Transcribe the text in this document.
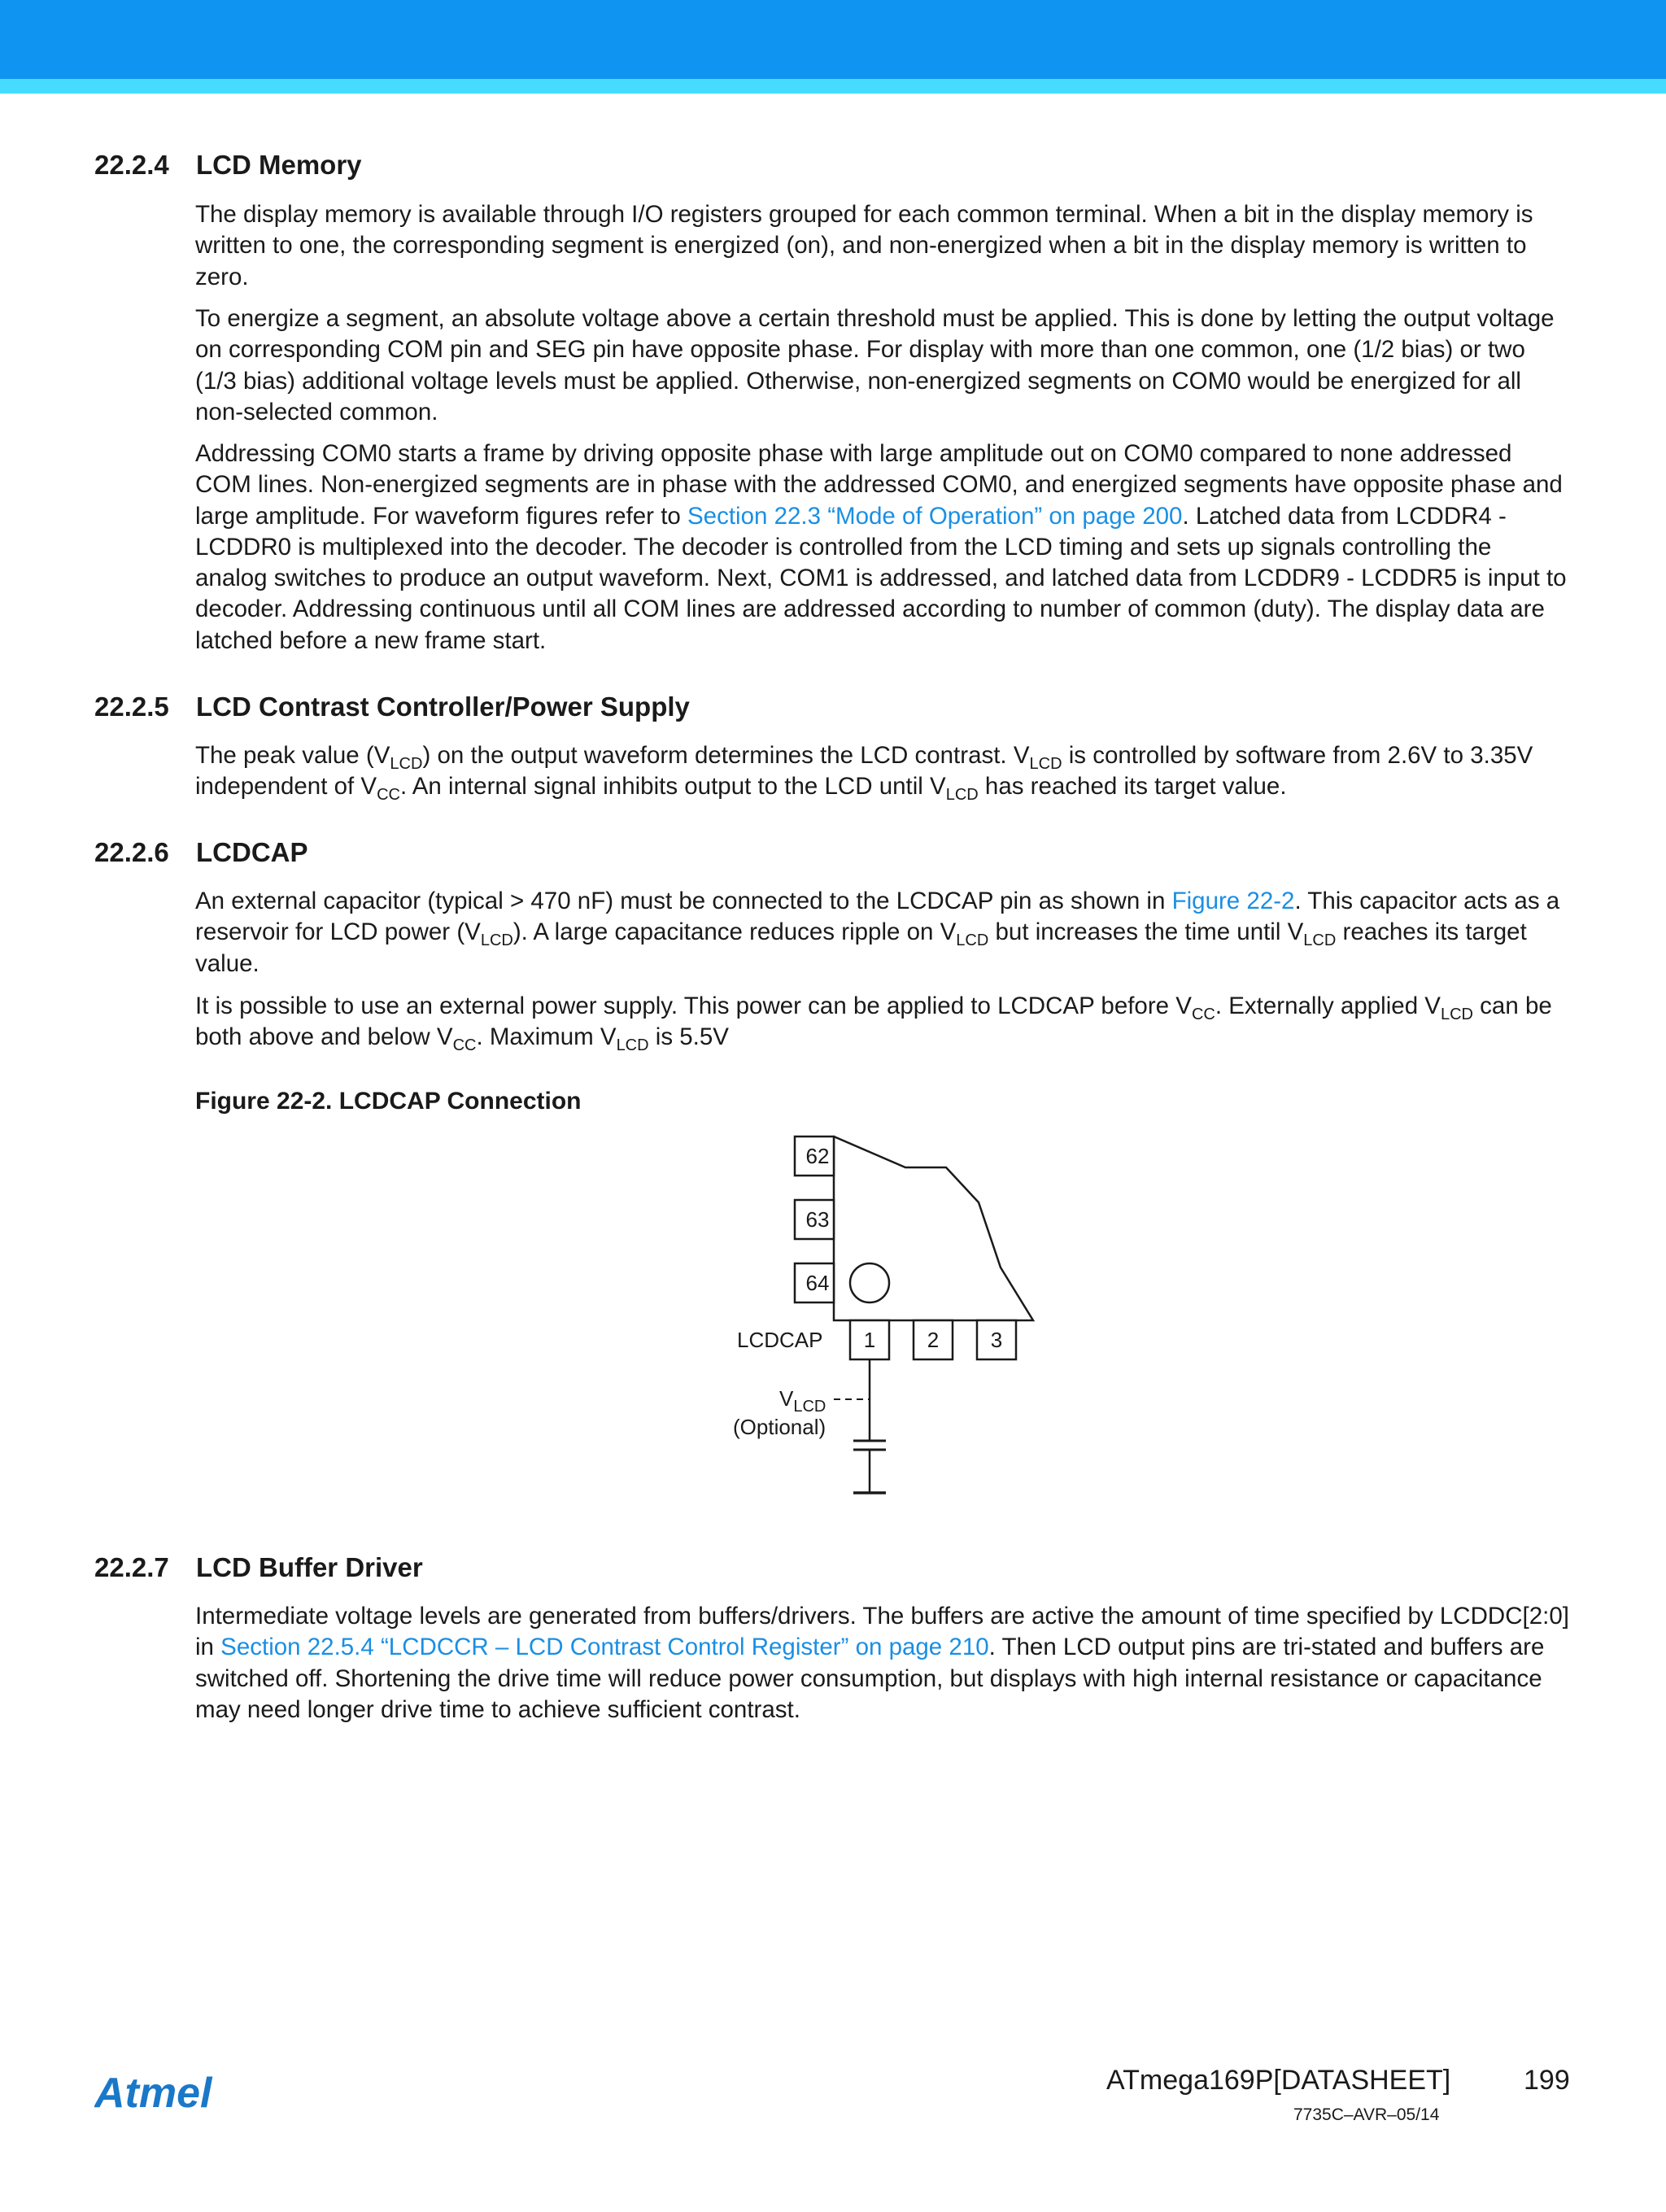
22.2.4 LCD Memory

The display memory is available through I/O registers grouped for each common terminal. When a bit in the display memory is written to one, the corresponding segment is energized (on), and non-energized when a bit in the display memory is written to zero.

To energize a segment, an absolute voltage above a certain threshold must be applied. This is done by letting the output voltage on corresponding COM pin and SEG pin have opposite phase. For display with more than one common, one (1/2 bias) or two (1/3 bias) additional voltage levels must be applied. Otherwise, non-energized segments on COM0 would be energized for all non-selected common.

Addressing COM0 starts a frame by driving opposite phase with large amplitude out on COM0 compared to none addressed COM lines. Non-energized segments are in phase with the addressed COM0, and energized segments have opposite phase and large amplitude. For waveform figures refer to Section 22.3 “Mode of Operation” on page 200. Latched data from LCDDR4 - LCDDR0 is multiplexed into the decoder. The decoder is controlled from the LCD timing and sets up signals controlling the analog switches to produce an output waveform. Next, COM1 is addressed, and latched data from LCDDR9 - LCDDR5 is input to decoder. Addressing continuous until all COM lines are addressed according to number of common (duty). The display data are latched before a new frame start.

22.2.5 LCD Contrast Controller/Power Supply

The peak value $(V_{LCD})$ on the output waveform determines the LCD contrast. $V_{LCD}$ is controlled by software from 2.6V to 3.35V independent of $V_{CC}$. An internal signal inhibits output to the LCD until $V_{LCD}$ has reached its target value.

22.2.6 LCDCAP

An external capacitor (typical > 470 nF) must be connected to the LCDCAP pin as shown in Figure 22-2. This capacitor acts as a reservoir for LCD power $(V_{LCD})$. A large capacitance reduces ripple on $V_{LCD}$ but increases the time until $V_{LCD}$ reaches its target value.

It is possible to use an external power supply. This power can be applied to LCDCAP before $V_{CC}$. Externally applied $V_{LCD}$ can be both above and below $V_{CC}$. Maximum $V_{LCD}$ is 5.5V

Figure 22-2. LCDCAP Connection
62
63
64
1	2	3
LCDCAP
$V_{LCD}$
(Optional)
22.2.7 LCD Buffer Driver

Intermediate voltage levels are generated from buffers/drivers. The buffers are active the amount of time specified by LCDDC[2:0] in Section 22.5.4 “LCDCCR – LCD Contrast Control Register” on page 210. Then LCD output pins are tri-stated and buffers are switched off. Shortening the drive time will reduce power consumption, but displays with high internal resistance or capacitance may need longer drive time to achieve sufficient contrast.

Atmel	ATmega169P[DATASHEET]	199
7735C–AVR–05/14
